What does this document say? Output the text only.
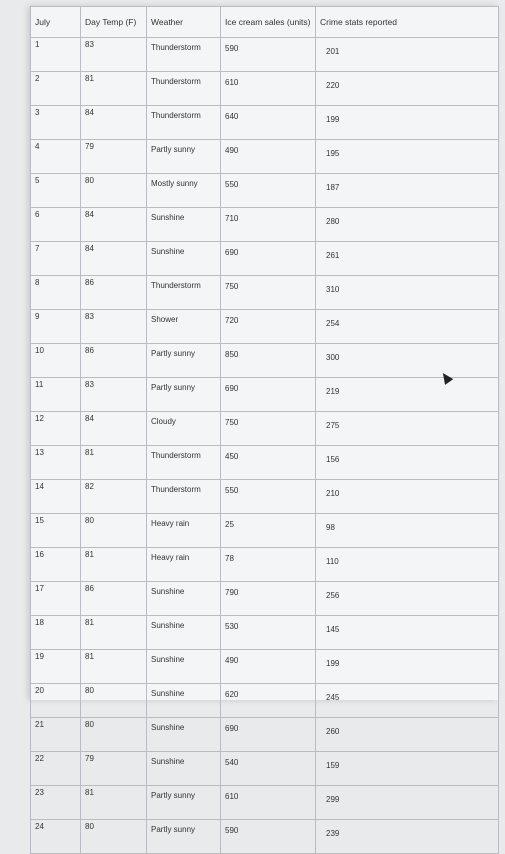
July	Day Temp (F)	Weather	Ice cream sales (units)	Crime stats reported
1	83	Thunderstorm	590	201
2	81	Thunderstorm	610	220
3	84	Thunderstorm	640	199
4	79	Partly sunny	490	195
5	80	Mostly sunny	550	187
6	84	Sunshine	710	280
7	84	Sunshine	690	261
8	86	Thunderstorm	750	310
9	83	Shower	720	254
10	86	Partly sunny	850	300
11	83	Partly sunny	690	219
12	84	Cloudy	750	275
13	81	Thunderstorm	450	156
14	82	Thunderstorm	550	210
15	80	Heavy rain	25	98
16	81	Heavy rain	78	110
17	86	Sunshine	790	256
18	81	Sunshine	530	145
19	81	Sunshine	490	199
20	80	Sunshine	620	245
21	80	Sunshine	690	260
22	79	Sunshine	540	159
23	81	Partly sunny	610	299
24	80	Partly sunny	590	239
